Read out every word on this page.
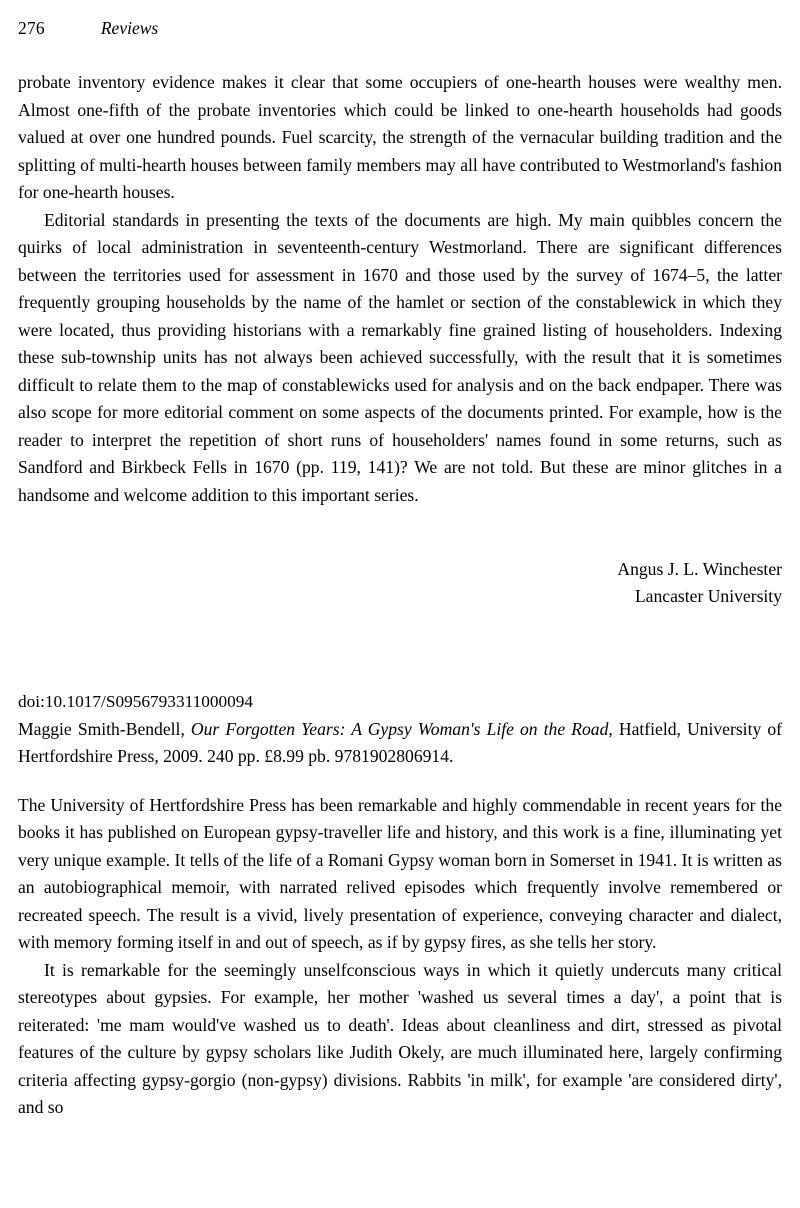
276	Reviews

probate inventory evidence makes it clear that some occupiers of one-hearth houses were wealthy men. Almost one-fifth of the probate inventories which could be linked to one-hearth households had goods valued at over one hundred pounds. Fuel scarcity, the strength of the vernacular building tradition and the splitting of multi-hearth houses between family members may all have contributed to Westmorland's fashion for one-hearth houses.

Editorial standards in presenting the texts of the documents are high. My main quibbles concern the quirks of local administration in seventeenth-century Westmorland. There are significant differences between the territories used for assessment in 1670 and those used by the survey of 1674–5, the latter frequently grouping households by the name of the hamlet or section of the constablewick in which they were located, thus providing historians with a remarkably fine grained listing of householders. Indexing these sub-township units has not always been achieved successfully, with the result that it is sometimes difficult to relate them to the map of constablewicks used for analysis and on the back endpaper. There was also scope for more editorial comment on some aspects of the documents printed. For example, how is the reader to interpret the repetition of short runs of householders' names found in some returns, such as Sandford and Birkbeck Fells in 1670 (pp. 119, 141)? We are not told. But these are minor glitches in a handsome and welcome addition to this important series.

Angus J. L. Winchester
Lancaster University

doi:10.1017/S0956793311000094

Maggie Smith-Bendell, Our Forgotten Years: A Gypsy Woman's Life on the Road, Hatfield, University of Hertfordshire Press, 2009. 240 pp. £8.99 pb. 9781902806914.

The University of Hertfordshire Press has been remarkable and highly commendable in recent years for the books it has published on European gypsy-traveller life and history, and this work is a fine, illuminating yet very unique example. It tells of the life of a Romani Gypsy woman born in Somerset in 1941. It is written as an autobiographical memoir, with narrated relived episodes which frequently involve remembered or recreated speech. The result is a vivid, lively presentation of experience, conveying character and dialect, with memory forming itself in and out of speech, as if by gypsy fires, as she tells her story.

It is remarkable for the seemingly unselfconscious ways in which it quietly undercuts many critical stereotypes about gypsies. For example, her mother 'washed us several times a day', a point that is reiterated: 'me mam would've washed us to death'. Ideas about cleanliness and dirt, stressed as pivotal features of the culture by gypsy scholars like Judith Okely, are much illuminated here, largely confirming criteria affecting gypsy-gorgio (non-gypsy) divisions. Rabbits 'in milk', for example 'are considered dirty', and so
